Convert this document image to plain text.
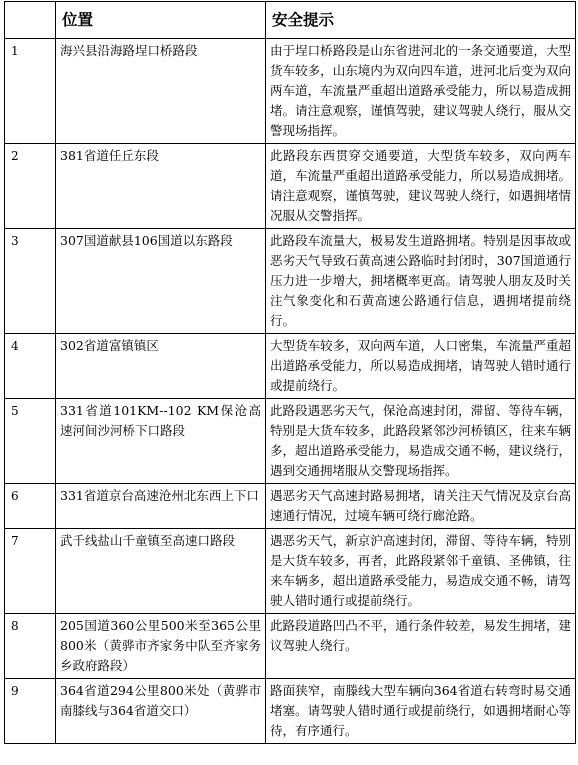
	位置	安全提示
1	海兴县沿海路埕口桥路段	由于埕口桥路段是山东省进河北的一条交通要道，大型货车较多，山东境内为双向四车道，进河北后变为双向两车道，车流量严重超出道路承受能力，所以易造成拥堵。请注意观察，谨慎驾驶，建议驾驶人绕行，服从交警现场指挥。
2	381省道任丘东段	此路段东西贯穿交通要道，大型货车较多，双向两车道，车流量严重超出道路承受能力，所以易造成拥堵。请注意观察，谨慎驾驶，建议驾驶人绕行，如遇拥堵情况服从交警指挥。
3	307国道献县106国道以东路段	此路段车流量大，极易发生道路拥堵。特别是因事故或恶劣天气导致石黄高速公路临时封闭时，307国道通行压力进一步增大，拥堵概率更高。请驾驶人朋友及时关注气象变化和石黄高速公路通行信息，遇拥堵提前绕行。
4	302省道富镇镇区	大型货车较多，双向两车道，人口密集，车流量严重超出道路承受能力，所以易造成拥堵，请驾驶人错时通行或提前绕行。
5	331省道101KM--102 KM保沧高速河间沙河桥下口路段	此路段遇恶劣天气，保沧高速封闭，滞留、等待车辆，特别是大货车较多，此路段紧邻沙河桥镇区，往来车辆多，超出道路承受能力，易造成交通不畅，建议绕行，遇到交通拥堵服从交警现场指挥。
6	331省道京台高速沧州北东西上下口	遇恶劣天气高速封路易拥堵，请关注天气情况及京台高速通行情况，过境车辆可绕行廊沧路。
7	武千线盐山千童镇至高速口路段	遇恶劣天气，新京沪高速封闭，滞留、等待车辆，特别是大货车较多，再者，此路段紧邻千童镇、圣佛镇，往来车辆多，超出道路承受能力，易造成交通不畅，请驾驶人错时通行或提前绕行。
8	205国道360公里500米至365公里800米（黄骅市齐家务中队至齐家务乡政府路段）	此路段道路凹凸不平，通行条件较差，易发生拥堵，建议驾驶人绕行。
9	364省道294公里800米处（黄骅市南膝线与364省道交口）	路面狭窄，南滕线大型车辆向364省道右转弯时易交通堵塞。请驾驶人错时通行或提前绕行，如遇拥堵耐心等待，有序通行。
